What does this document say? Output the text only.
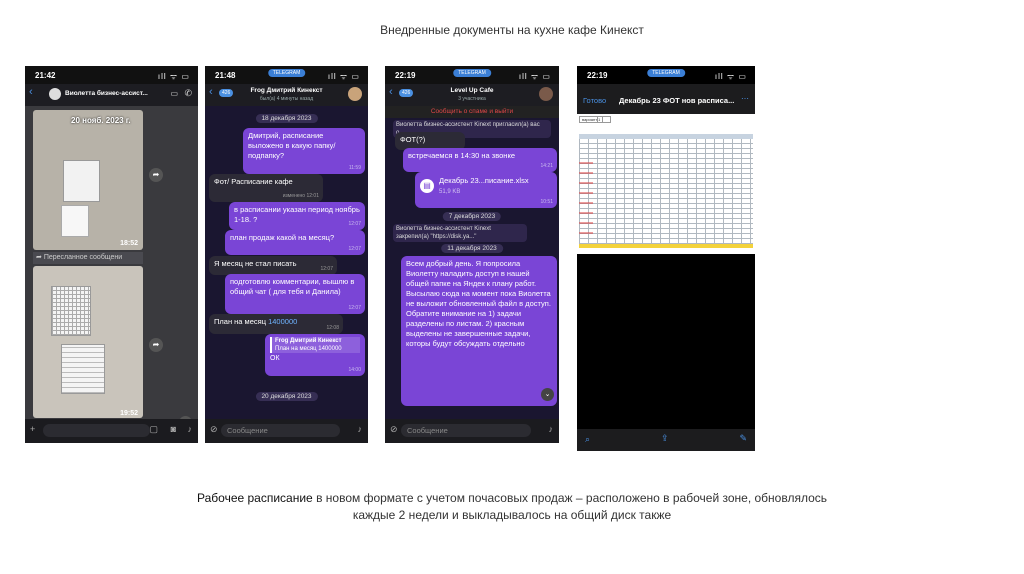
Внедренные документы на кухне кафе Кинекст
21:42	ıll ᯤ ▭
‹	Виолетта бизнес-ассист...	▭ ✆
20 нояб. 2023 г.
18:52
➦
➦ Пересланное сообщени
19:52
➦
+	▢ ◙ ♪
21:48	TELEGRAM	ıll ᯤ ▭
‹	426	Frog Дмитрий Кинекст
был(а) 4 минуты назад
18 декабря 2023
Дмитрий, расписание выложено в какую папку/ подпапку?
11:59
Фот/ Расписание кафе
изменено 12:01
в расписании указан период ноябрь 1-18. ?	12:07
план продаж какой на месяц?
12:07
Я месяц не стал писать
12:07
подготовлю комментарии, вышлю в общий чат ( для тебя и Данила)
12:07
План на месяц 1400000
12:08
Frog Дмитрий Кинекст
План на месяц 1400000
ОК
14:00
20 декабря 2023
⊘	Сообщение	♪
22:19	TELEGRAM	ıll ᯤ ▭
‹	426	Level Up Cafe
3 участника
Сообщить о спаме и выйти
Виолетта бизнес-ассистент Kinext пригласил(а) вас
ФОТ(?)
встречаемся в 14:30 на звонке
14:21
▤
Декабрь 23...писание.xlsx
51,9 KB
10:51
7 декабря 2023
Виолетта бизнес-ассистент Kinext закрепил(а) "https://disk.ya..."
11 декабря 2023
Всем добрый день. Я попросила Виолетту наладить доступ в нашей общей папке на Яндек к плану работ. Высылаю сюда на момент пока Виолетта не выложит обновленный файл в доступ. Обратите внимание на 1) задачи разделены по листам. 2) красным выделены не завершенные задачи, которы будут обсуждать отдельно
⌄
⊘	Сообщение	♪
22:19	TELEGRAM	ıll ᯤ ▭
Готово Декабрь 23 ФОТ нов расписа... ⋯
вариант 1
⌕	⇪	✎
Рабочее расписание в новом формате с учетом почасовых продаж – расположено в рабочей зоне, обновлялось
каждые 2 недели и выкладывалось на общий диск также
